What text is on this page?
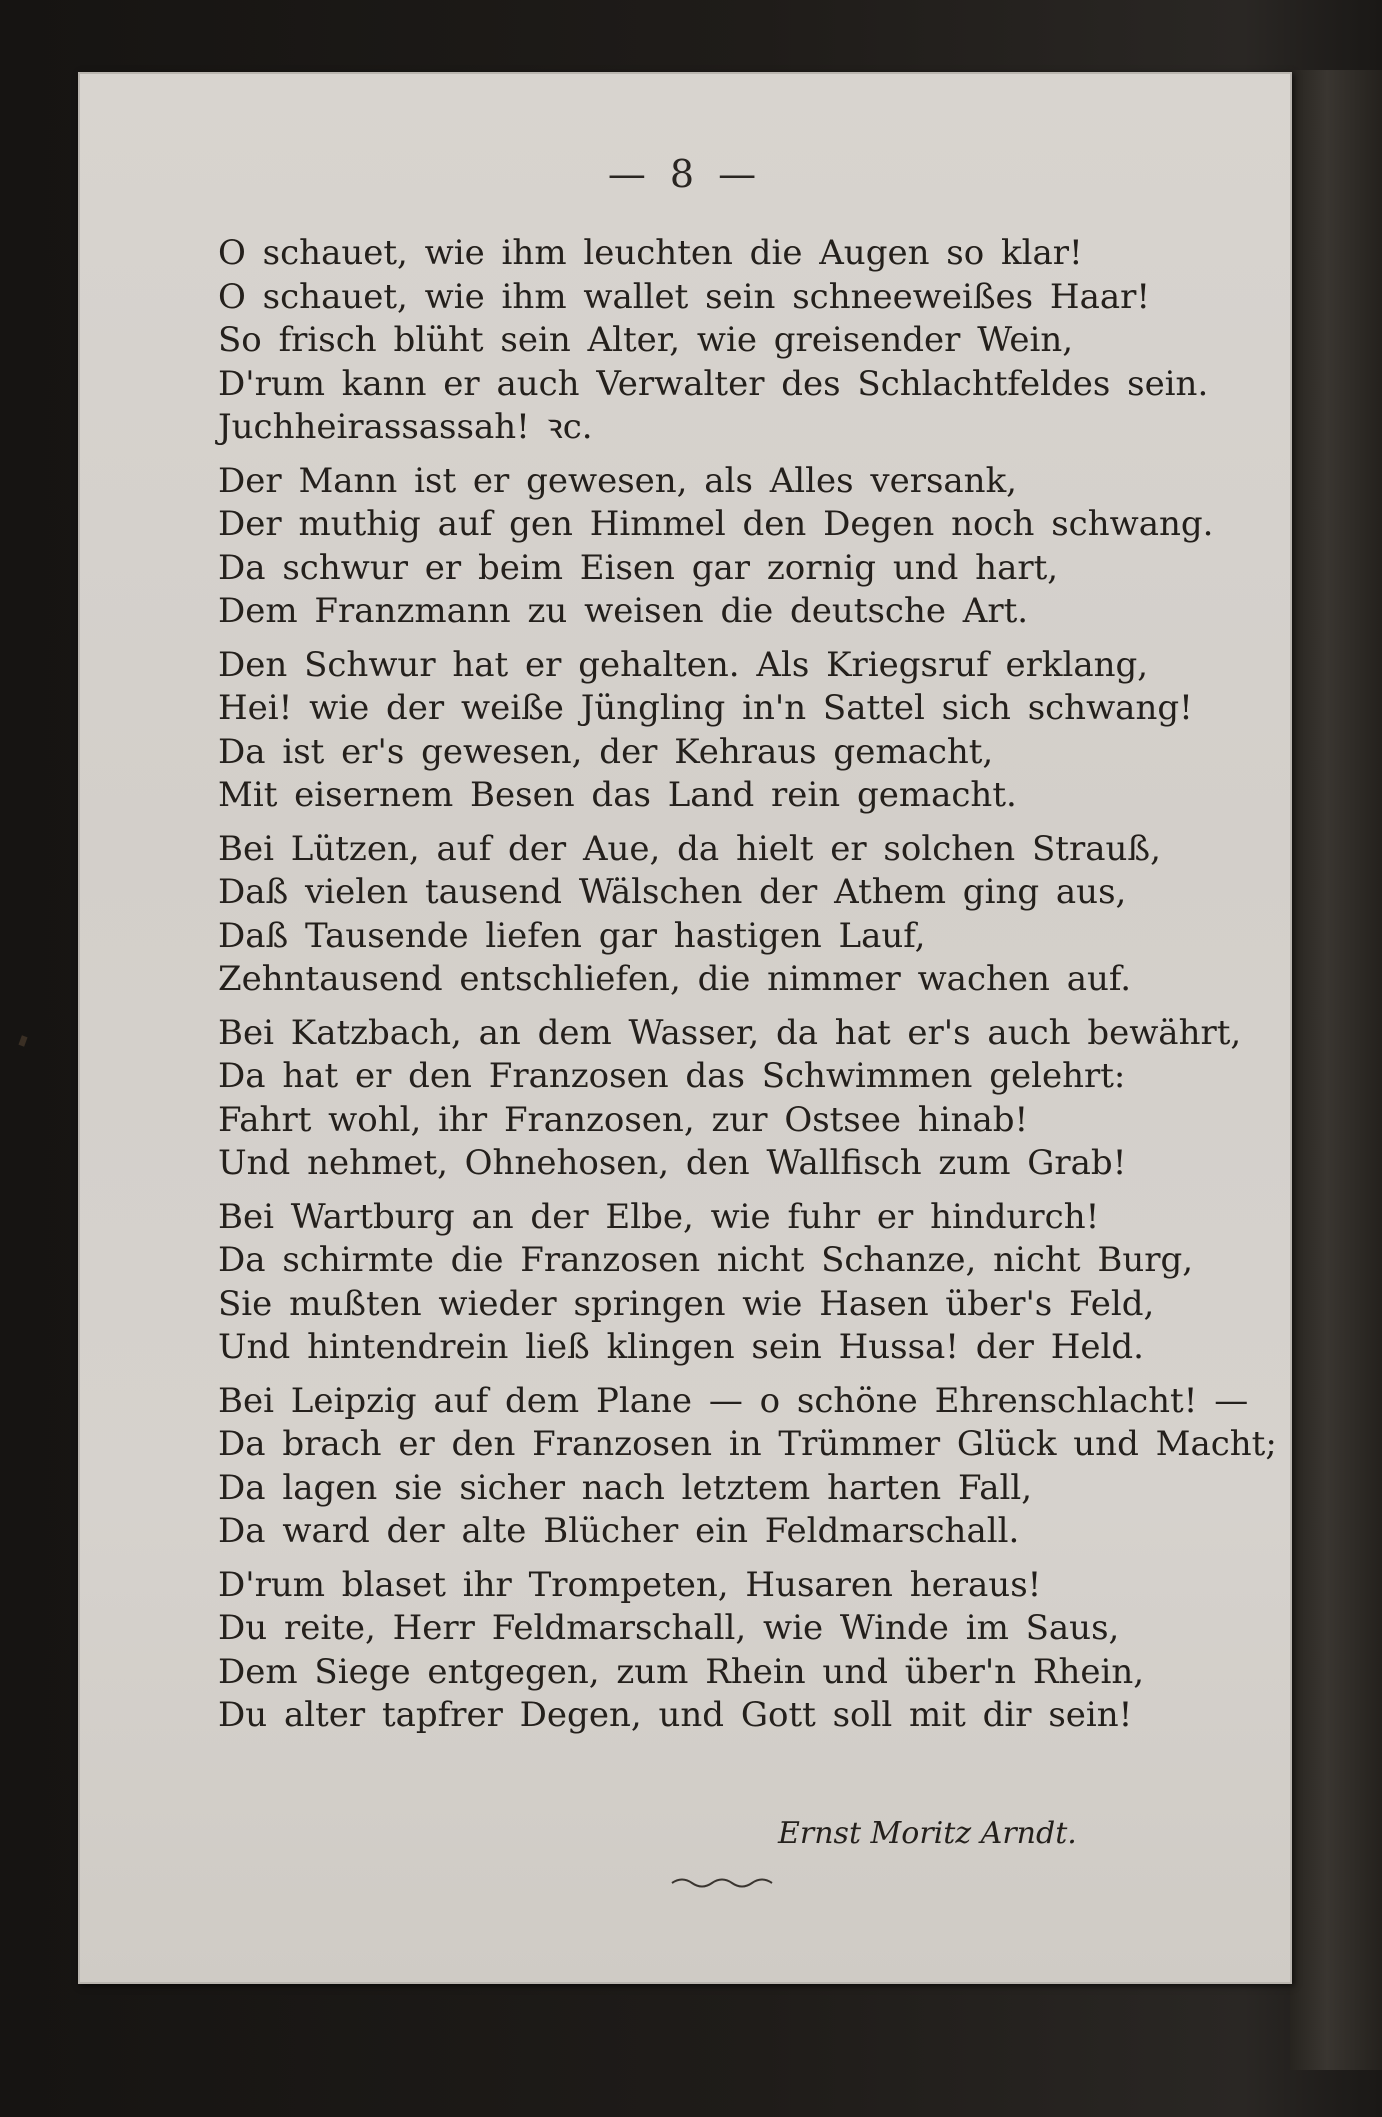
— 8 —
O schauet, wie ihm leuchten die Augen so klar!
O schauet, wie ihm wallet sein schneeweißes Haar!
So frisch blüht sein Alter, wie greisender Wein,
D'rum kann er auch Verwalter des Schlachtfeldes sein.
Juchheirassassah! ꝛc.
Der Mann ist er gewesen, als Alles versank,
Der muthig auf gen Himmel den Degen noch schwang.
Da schwur er beim Eisen gar zornig und hart,
Dem Franzmann zu weisen die deutsche Art.
Den Schwur hat er gehalten. Als Kriegsruf erklang,
Hei! wie der weiße Jüngling in'n Sattel sich schwang!
Da ist er's gewesen, der Kehraus gemacht,
Mit eisernem Besen das Land rein gemacht.
Bei Lützen, auf der Aue, da hielt er solchen Strauß,
Daß vielen tausend Wälschen der Athem ging aus,
Daß Tausende liefen gar hastigen Lauf,
Zehntausend entschliefen, die nimmer wachen auf.
Bei Katzbach, an dem Wasser, da hat er's auch bewährt,
Da hat er den Franzosen das Schwimmen gelehrt:
Fahrt wohl, ihr Franzosen, zur Ostsee hinab!
Und nehmet, Ohnehosen, den Wallfisch zum Grab!
Bei Wartburg an der Elbe, wie fuhr er hindurch!
Da schirmte die Franzosen nicht Schanze, nicht Burg,
Sie mußten wieder springen wie Hasen über's Feld,
Und hintendrein ließ klingen sein Hussa! der Held.
Bei Leipzig auf dem Plane — o schöne Ehrenschlacht! —
Da brach er den Franzosen in Trümmer Glück und Macht;
Da lagen sie sicher nach letztem harten Fall,
Da ward der alte Blücher ein Feldmarschall.
D'rum blaset ihr Trompeten, Husaren heraus!
Du reite, Herr Feldmarschall, wie Winde im Saus,
Dem Siege entgegen, zum Rhein und über'n Rhein,
Du alter tapfrer Degen, und Gott soll mit dir sein!
Ernst Moritz Arndt.
